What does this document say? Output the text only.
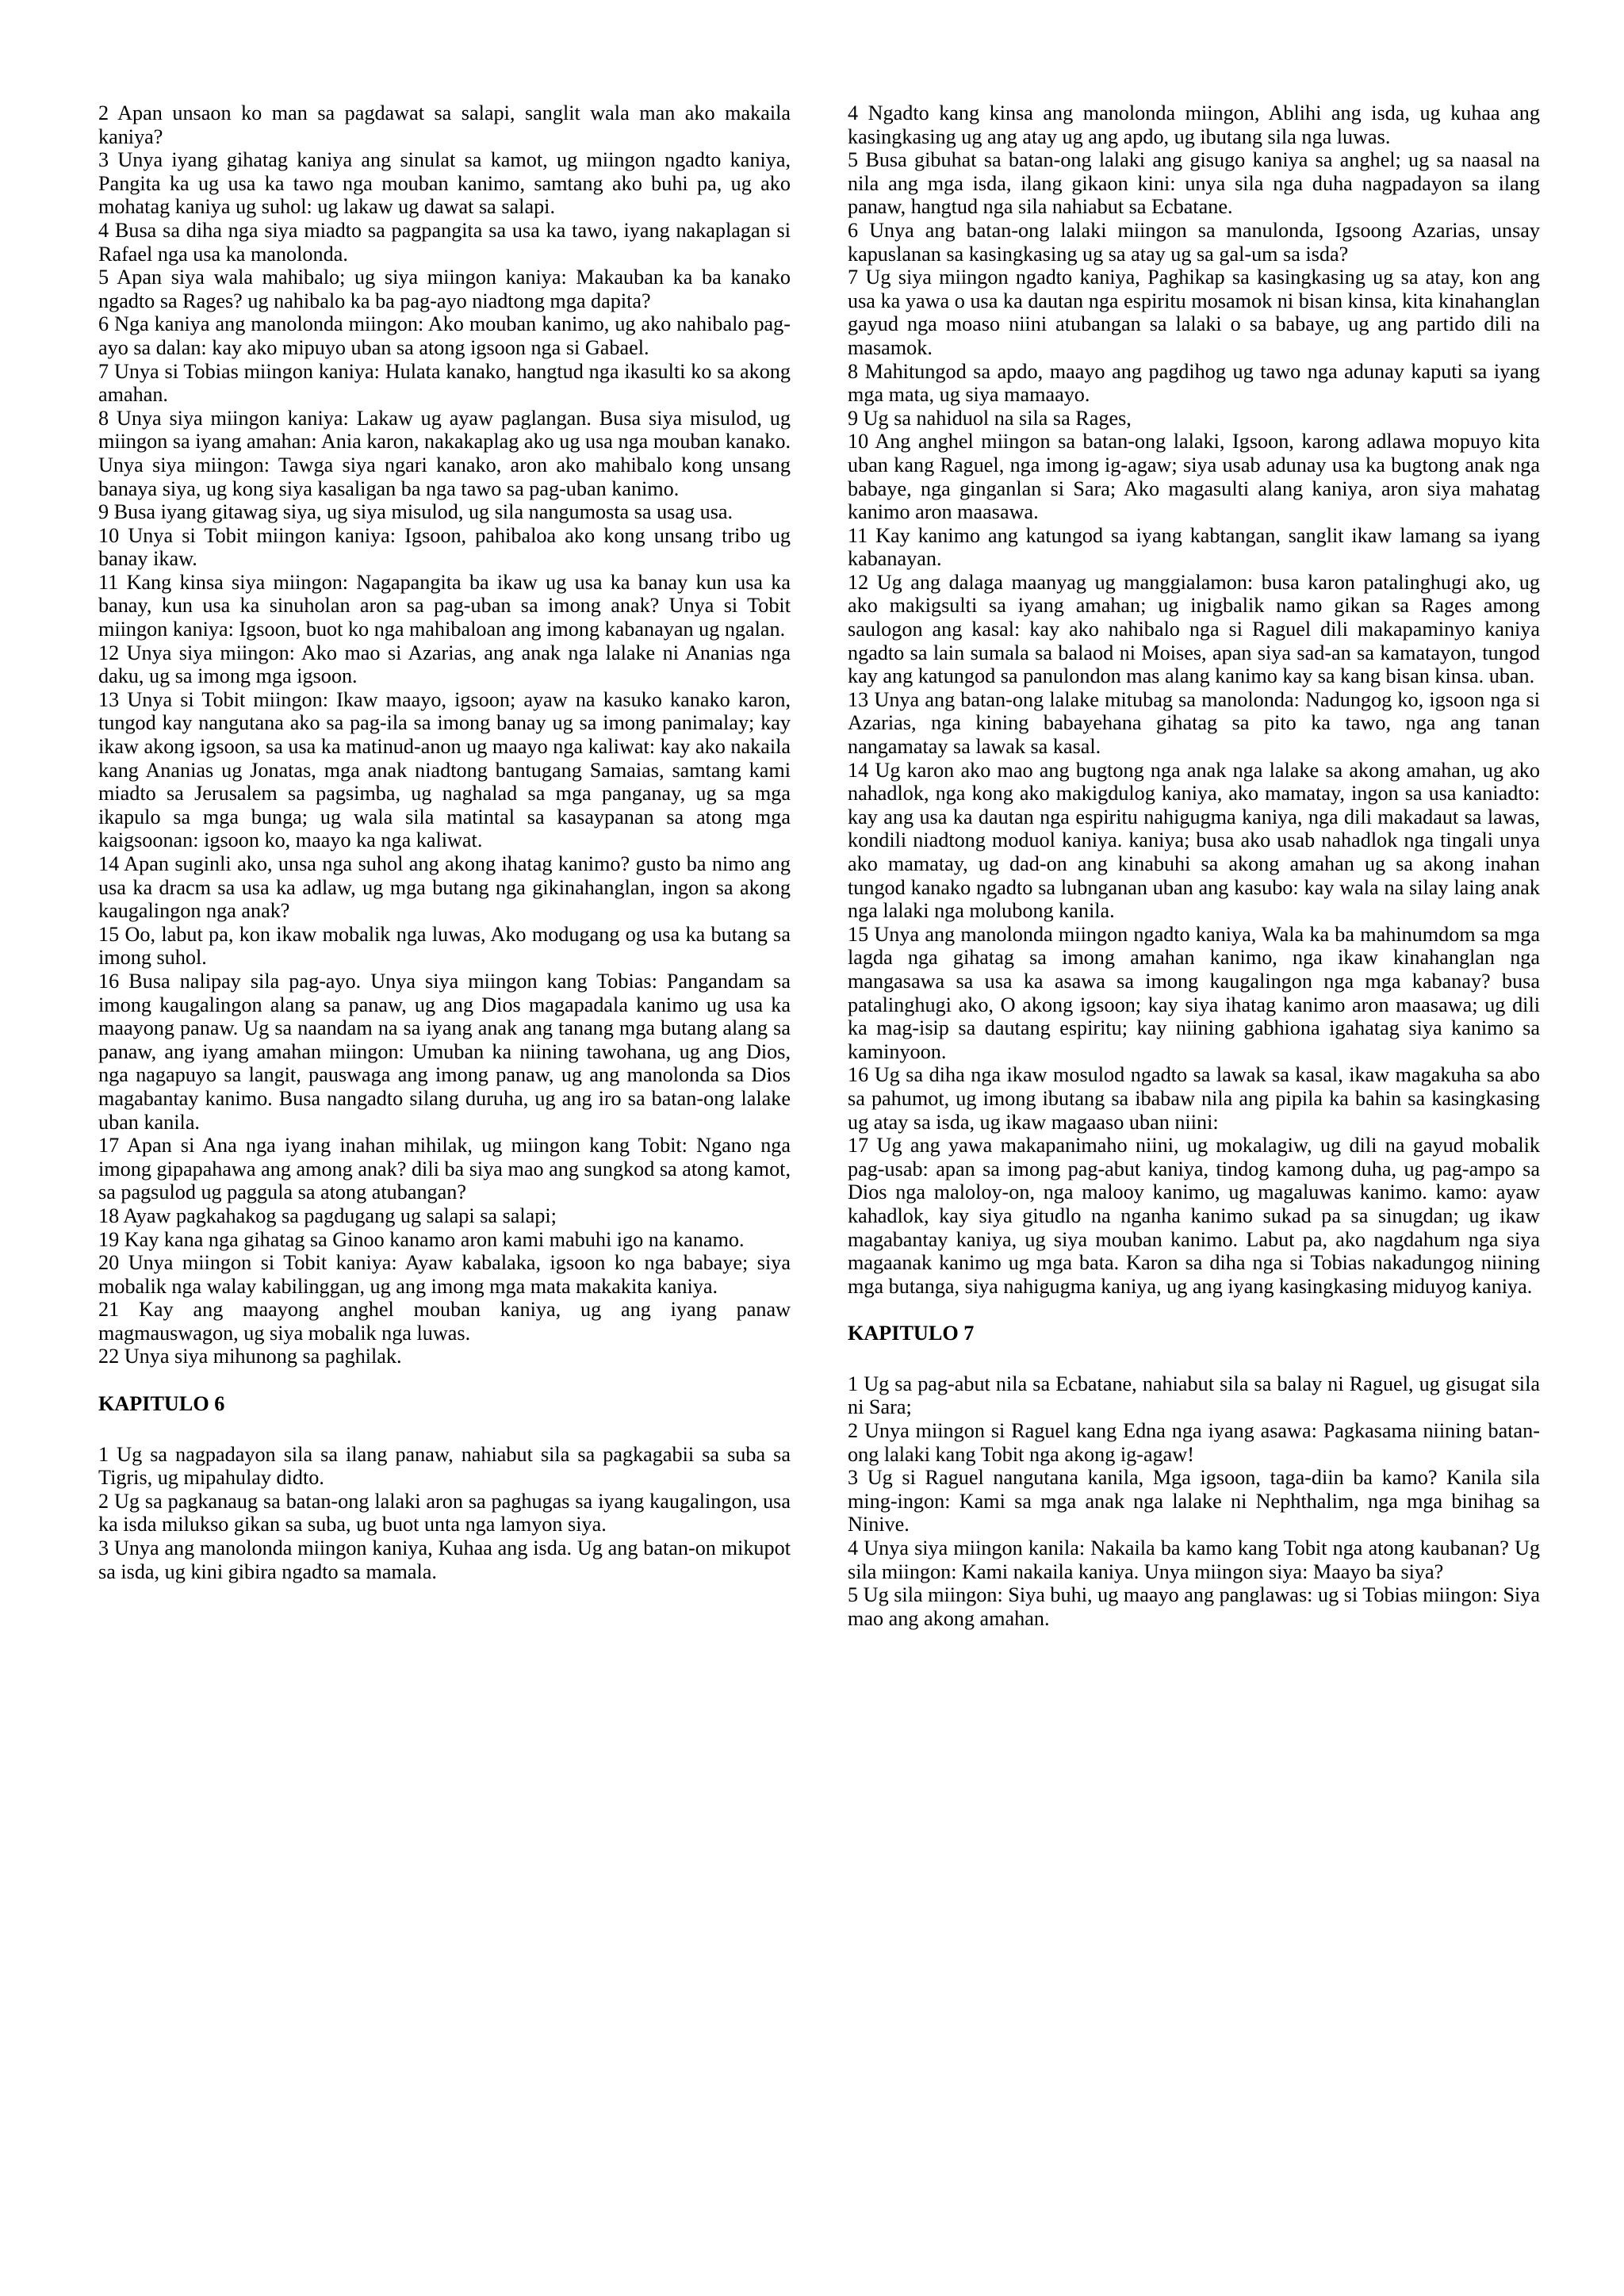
2 Apan unsaon ko man sa pagdawat sa salapi, sanglit wala man ako makaila kaniya?

3 Unya iyang gihatag kaniya ang sinulat sa kamot, ug miingon ngadto kaniya, Pangita ka ug usa ka tawo nga mouban kanimo, samtang ako buhi pa, ug ako mohatag kaniya ug suhol: ug lakaw ug dawat sa salapi.

4 Busa sa diha nga siya miadto sa pagpangita sa usa ka tawo, iyang nakaplagan si Rafael nga usa ka manolonda.

5 Apan siya wala mahibalo; ug siya miingon kaniya: Makauban ka ba kanako ngadto sa Rages? ug nahibalo ka ba pag-ayo niadtong mga dapita?

6 Nga kaniya ang manolonda miingon: Ako mouban kanimo, ug ako nahibalo pag-ayo sa dalan: kay ako mipuyo uban sa atong igsoon nga si Gabael.

7 Unya si Tobias miingon kaniya: Hulata kanako, hangtud nga ikasulti ko sa akong amahan.

8 Unya siya miingon kaniya: Lakaw ug ayaw paglangan. Busa siya misulod, ug miingon sa iyang amahan: Ania karon, nakakaplag ako ug usa nga mouban kanako. Unya siya miingon: Tawga siya ngari kanako, aron ako mahibalo kong unsang banaya siya, ug kong siya kasaligan ba nga tawo sa pag-uban kanimo.

9 Busa iyang gitawag siya, ug siya misulod, ug sila nangumosta sa usag usa.

10 Unya si Tobit miingon kaniya: Igsoon, pahibaloa ako kong unsang tribo ug banay ikaw.

11 Kang kinsa siya miingon: Nagapangita ba ikaw ug usa ka banay kun usa ka banay, kun usa ka sinuholan aron sa pag-uban sa imong anak? Unya si Tobit miingon kaniya: Igsoon, buot ko nga mahibaloan ang imong kabanayan ug ngalan.

12 Unya siya miingon: Ako mao si Azarias, ang anak nga lalake ni Ananias nga daku, ug sa imong mga igsoon.

13 Unya si Tobit miingon: Ikaw maayo, igsoon; ayaw na kasuko kanako karon, tungod kay nangutana ako sa pag-ila sa imong banay ug sa imong panimalay; kay ikaw akong igsoon, sa usa ka matinud-anon ug maayo nga kaliwat: kay ako nakaila kang Ananias ug Jonatas, mga anak niadtong bantugang Samaias, samtang kami miadto sa Jerusalem sa pagsimba, ug naghalad sa mga panganay, ug sa mga ikapulo sa mga bunga; ug wala sila matintal sa kasaypanan sa atong mga kaigsoonan: igsoon ko, maayo ka nga kaliwat.

14 Apan suginli ako, unsa nga suhol ang akong ihatag kanimo? gusto ba nimo ang usa ka dracm sa usa ka adlaw, ug mga butang nga gikinahanglan, ingon sa akong kaugalingon nga anak?

15 Oo, labut pa, kon ikaw mobalik nga luwas, Ako modugang og usa ka butang sa imong suhol.

16 Busa nalipay sila pag-ayo. Unya siya miingon kang Tobias: Pangandam sa imong kaugalingon alang sa panaw, ug ang Dios magapadala kanimo ug usa ka maayong panaw. Ug sa naandam na sa iyang anak ang tanang mga butang alang sa panaw, ang iyang amahan miingon: Umuban ka niining tawohana, ug ang Dios, nga nagapuyo sa langit, pauswaga ang imong panaw, ug ang manolonda sa Dios magabantay kanimo. Busa nangadto silang duruha, ug ang iro sa batan-ong lalake uban kanila.

17 Apan si Ana nga iyang inahan mihilak, ug miingon kang Tobit: Ngano nga imong gipapahawa ang among anak? dili ba siya mao ang sungkod sa atong kamot, sa pagsulod ug paggula sa atong atubangan?

18 Ayaw pagkahakog sa pagdugang ug salapi sa salapi;

19 Kay kana nga gihatag sa Ginoo kanamo aron kami mabuhi igo na kanamo.

20 Unya miingon si Tobit kaniya: Ayaw kabalaka, igsoon ko nga babaye; siya mobalik nga walay kabilinggan, ug ang imong mga mata makakita kaniya.

21 Kay ang maayong anghel mouban kaniya, ug ang iyang panaw magmauswagon, ug siya mobalik nga luwas.

22 Unya siya mihunong sa paghilak.

KAPITULO 6

1 Ug sa nagpadayon sila sa ilang panaw, nahiabut sila sa pagkagabii sa suba sa Tigris, ug mipahulay didto.

2 Ug sa pagkanaug sa batan-ong lalaki aron sa paghugas sa iyang kaugalingon, usa ka isda milukso gikan sa suba, ug buot unta nga lamyon siya.

3 Unya ang manolonda miingon kaniya, Kuhaa ang isda. Ug ang batan-on mikupot sa isda, ug kini gibira ngadto sa mamala.

4 Ngadto kang kinsa ang manolonda miingon, Ablihi ang isda, ug kuhaa ang kasingkasing ug ang atay ug ang apdo, ug ibutang sila nga luwas.

5 Busa gibuhat sa batan-ong lalaki ang gisugo kaniya sa anghel; ug sa naasal na nila ang mga isda, ilang gikaon kini: unya sila nga duha nagpadayon sa ilang panaw, hangtud nga sila nahiabut sa Ecbatane.

6 Unya ang batan-ong lalaki miingon sa manulonda, Igsoong Azarias, unsay kapuslanan sa kasingkasing ug sa atay ug sa gal-um sa isda?

7 Ug siya miingon ngadto kaniya, Paghikap sa kasingkasing ug sa atay, kon ang usa ka yawa o usa ka dautan nga espiritu mosamok ni bisan kinsa, kita kinahanglan gayud nga moaso niini atubangan sa lalaki o sa babaye, ug ang partido dili na masamok.

8 Mahitungod sa apdo, maayo ang pagdihog ug tawo nga adunay kaputi sa iyang mga mata, ug siya mamaayo.

9 Ug sa nahiduol na sila sa Rages,

10 Ang anghel miingon sa batan-ong lalaki, Igsoon, karong adlawa mopuyo kita uban kang Raguel, nga imong ig-agaw; siya usab adunay usa ka bugtong anak nga babaye, nga ginganlan si Sara; Ako magasulti alang kaniya, aron siya mahatag kanimo aron maasawa.

11 Kay kanimo ang katungod sa iyang kabtangan, sanglit ikaw lamang sa iyang kabanayan.

12 Ug ang dalaga maanyag ug manggialamon: busa karon patalinghugi ako, ug ako makigsulti sa iyang amahan; ug inigbalik namo gikan sa Rages among saulogon ang kasal: kay ako nahibalo nga si Raguel dili makapaminyo kaniya ngadto sa lain sumala sa balaod ni Moises, apan siya sad-an sa kamatayon, tungod kay ang katungod sa panulondon mas alang kanimo kay sa kang bisan kinsa. uban.

13 Unya ang batan-ong lalake mitubag sa manolonda: Nadungog ko, igsoon nga si Azarias, nga kining babayehana gihatag sa pito ka tawo, nga ang tanan nangamatay sa lawak sa kasal.

14 Ug karon ako mao ang bugtong nga anak nga lalake sa akong amahan, ug ako nahadlok, nga kong ako makigdulog kaniya, ako mamatay, ingon sa usa kaniadto: kay ang usa ka dautan nga espiritu nahigugma kaniya, nga dili makadaut sa lawas, kondili niadtong moduol kaniya. kaniya; busa ako usab nahadlok nga tingali unya ako mamatay, ug dad-on ang kinabuhi sa akong amahan ug sa akong inahan tungod kanako ngadto sa lubnganan uban ang kasubo: kay wala na silay laing anak nga lalaki nga molubong kanila.

15 Unya ang manolonda miingon ngadto kaniya, Wala ka ba mahinumdom sa mga lagda nga gihatag sa imong amahan kanimo, nga ikaw kinahanglan nga mangasawa sa usa ka asawa sa imong kaugalingon nga mga kabanay? busa patalinghugi ako, O akong igsoon; kay siya ihatag kanimo aron maasawa; ug dili ka mag-isip sa dautang espiritu; kay niining gabhiona igahatag siya kanimo sa kaminyoon.

16 Ug sa diha nga ikaw mosulod ngadto sa lawak sa kasal, ikaw magakuha sa abo sa pahumot, ug imong ibutang sa ibabaw nila ang pipila ka bahin sa kasingkasing ug atay sa isda, ug ikaw magaaso uban niini:

17 Ug ang yawa makapanimaho niini, ug mokalagiw, ug dili na gayud mobalik pag-usab: apan sa imong pag-abut kaniya, tindog kamong duha, ug pag-ampo sa Dios nga maloloy-on, nga malooy kanimo, ug magaluwas kanimo. kamo: ayaw kahadlok, kay siya gitudlo na nganha kanimo sukad pa sa sinugdan; ug ikaw magabantay kaniya, ug siya mouban kanimo. Labut pa, ako nagdahum nga siya magaanak kanimo ug mga bata. Karon sa diha nga si Tobias nakadungog niining mga butanga, siya nahigugma kaniya, ug ang iyang kasingkasing miduyog kaniya.

KAPITULO 7

1 Ug sa pag-abut nila sa Ecbatane, nahiabut sila sa balay ni Raguel, ug gisugat sila ni Sara;

2 Unya miingon si Raguel kang Edna nga iyang asawa: Pagkasama niining batan-ong lalaki kang Tobit nga akong ig-agaw!

3 Ug si Raguel nangutana kanila, Mga igsoon, taga-diin ba kamo? Kanila sila ming-ingon: Kami sa mga anak nga lalake ni Nephthalim, nga mga binihag sa Ninive.

4 Unya siya miingon kanila: Nakaila ba kamo kang Tobit nga atong kaubanan? Ug sila miingon: Kami nakaila kaniya. Unya miingon siya: Maayo ba siya?

5 Ug sila miingon: Siya buhi, ug maayo ang panglawas: ug si Tobias miingon: Siya mao ang akong amahan.
